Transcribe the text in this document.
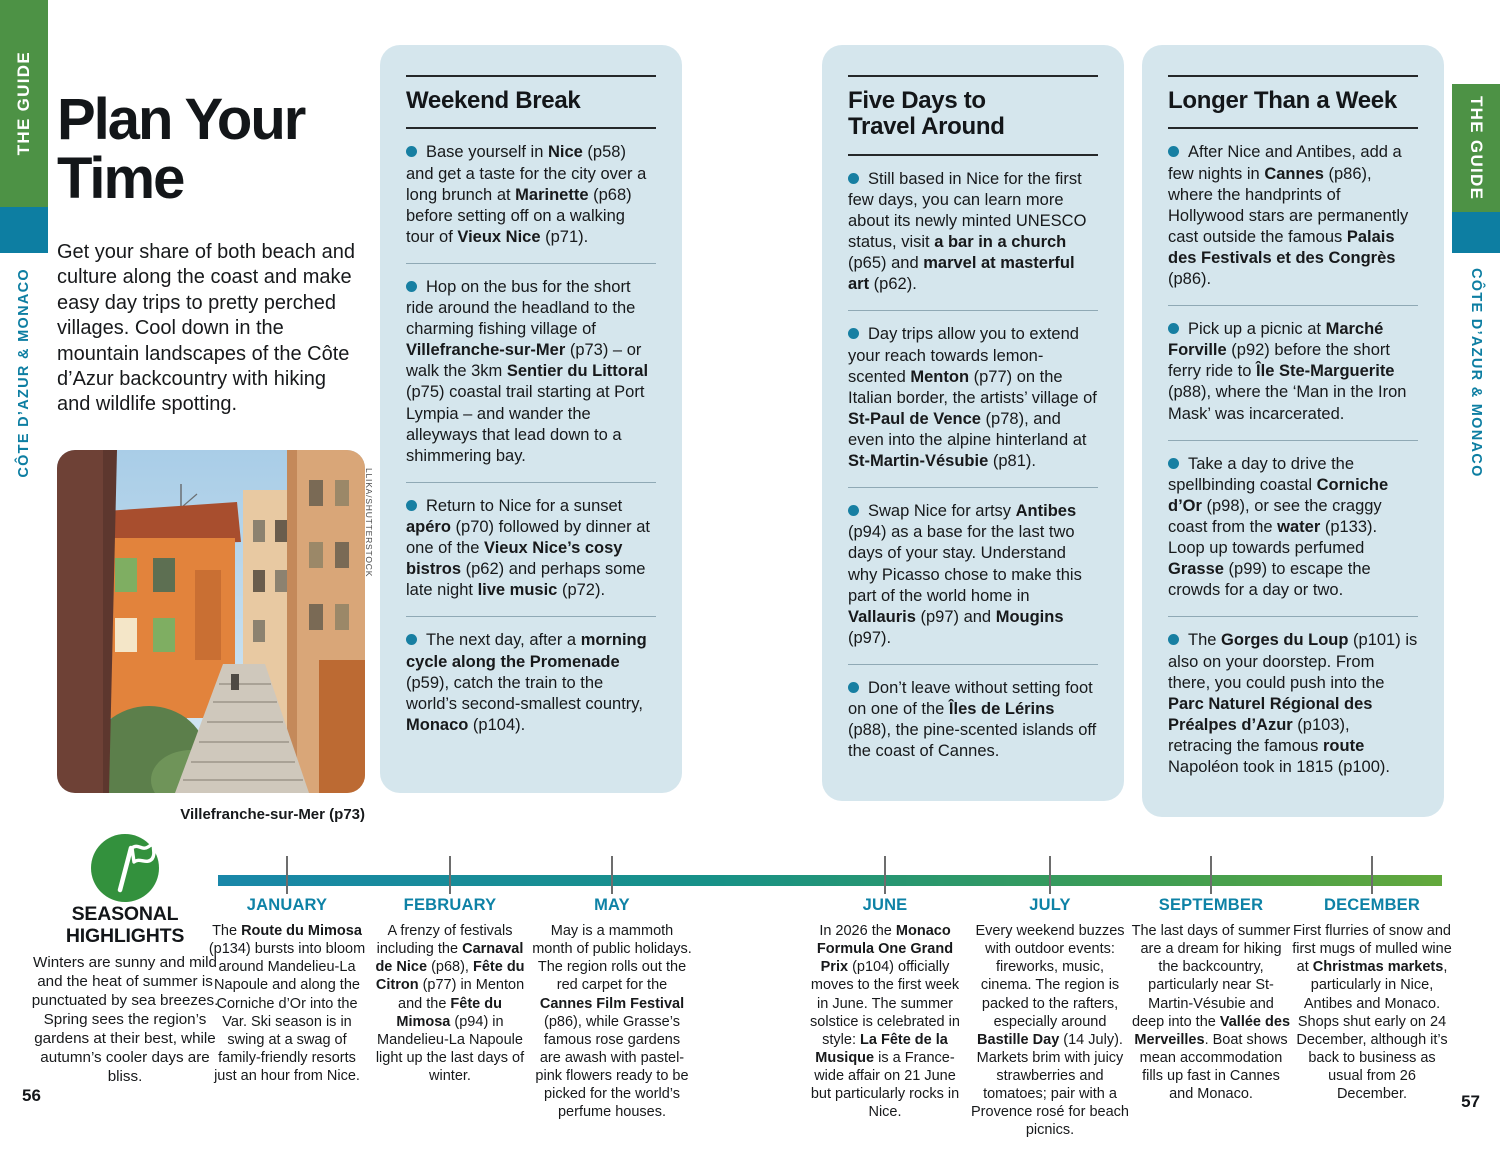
THE GUIDE
CÔTE D’AZUR & MONACO
THE GUIDE
CÔTE D’AZUR & MONACO
Plan Your Time

Get your share of both beach and culture along the coast and make easy day trips to pretty perched villages. Cool down in the mountain landscapes of the Côte d’Azur backcountry with hiking and wildlife spotting.

LLIKA/SHUTTERSTOCK
Villefranche-sur-Mer (p73)
Weekend Break
Base yourself in Nice (p58) and get a taste for the city over a long brunch at Marinette (p68) before setting off on a walking tour of Vieux Nice (p71).
Hop on the bus for the short ride around the headland to the charming fishing village of Villefranche-sur-Mer (p73) – or walk the 3km Sentier du Littoral (p75) coastal trail starting at Port Lympia – and wander the alleyways that lead down to a shimmering bay.
Return to Nice for a sunset apéro (p70) followed by dinner at one of the Vieux Nice’s cosy bistros (p62) and perhaps some late night live music (p72).
The next day, after a morning cycle along the Promenade (p59), catch the train to the world’s second-smallest country, Monaco (p104).
Five Days to
Travel Around
Still based in Nice for the first few days, you can learn more about its newly minted UNESCO status, visit a bar in a church (p65) and marvel at masterful art (p62).
Day trips allow you to extend your reach towards lemon-scented Menton (p77) on the Italian border, the artists’ village of St-Paul de Vence (p78), and even into the alpine hinterland at St-Martin-Vésubie (p81).
Swap Nice for artsy Antibes (p94) as a base for the last two days of your stay. Understand why Picasso chose to make this part of the world home in Vallauris (p97) and Mougins (p97).
Don’t leave without setting foot on one of the Îles de Lérins (p88), the pine-scented islands off the coast of Cannes.
Longer Than a Week
After Nice and Antibes, add a few nights in Cannes (p86), where the handprints of Hollywood stars are permanently cast outside the famous Palais des Festivals et des Congrès (p86).
Pick up a picnic at Marché Forville (p92) before the short ferry ride to Île Ste-Marguerite (p88), where the ‘Man in the Iron Mask’ was incarcerated.
Take a day to drive the spellbinding coastal Corniche d’Or (p98), or see the craggy coast from the water (p133). Loop up towards perfumed Grasse (p99) to escape the crowds for a day or two.
The Gorges du Loup (p101) is also on your doorstep. From there, you could push into the Parc Naturel Régional des Préalpes d’Azur (p103), retracing the famous route Napoléon took in 1815 (p100).
SEASONAL HIGHLIGHTS

Winters are sunny and mild and the heat of summer is punctuated by sea breezes. Spring sees the region’s gardens at their best, while autumn’s cooler days are bliss.

JANUARY

The Route du Mimosa (p134) bursts into bloom around Mandelieu-La Napoule and along the Corniche d’Or into the Var. Ski season is in swing at a swag of family-friendly resorts just an hour from Nice.

FEBRUARY

A frenzy of festivals including the Carnaval de Nice (p68), Fête du Citron (p77) in Menton and the Fête du Mimosa (p94) in Mandelieu-La Napoule light up the last days of winter.

MAY

May is a mammoth month of public holidays. The region rolls out the red carpet for the Cannes Film Festival (p86), while Grasse’s famous rose gardens are awash with pastel-pink flowers ready to be picked for the world’s perfume houses.

JUNE

In 2026 the Monaco Formula One Grand Prix (p104) officially moves to the first week in June. The summer solstice is celebrated in style: La Fête de la Musique is a France-wide affair on 21 June but particularly rocks in Nice.

JULY

Every weekend buzzes with outdoor events: fireworks, music, cinema. The region is packed to the rafters, especially around Bastille Day (14 July). Markets brim with juicy strawberries and tomatoes; pair with a Provence rosé for beach picnics.

SEPTEMBER

The last days of summer are a dream for hiking the backcountry, particularly near St-Martin-Vésubie and deep into the Vallée des Merveilles. Boat shows mean accommodation fills up fast in Cannes and Monaco.

DECEMBER

First flurries of snow and first mugs of mulled wine at Christmas markets, particularly in Nice, Antibes and Monaco. Shops shut early on 24 December, although it’s back to business as usual from 26 December.

56	57
